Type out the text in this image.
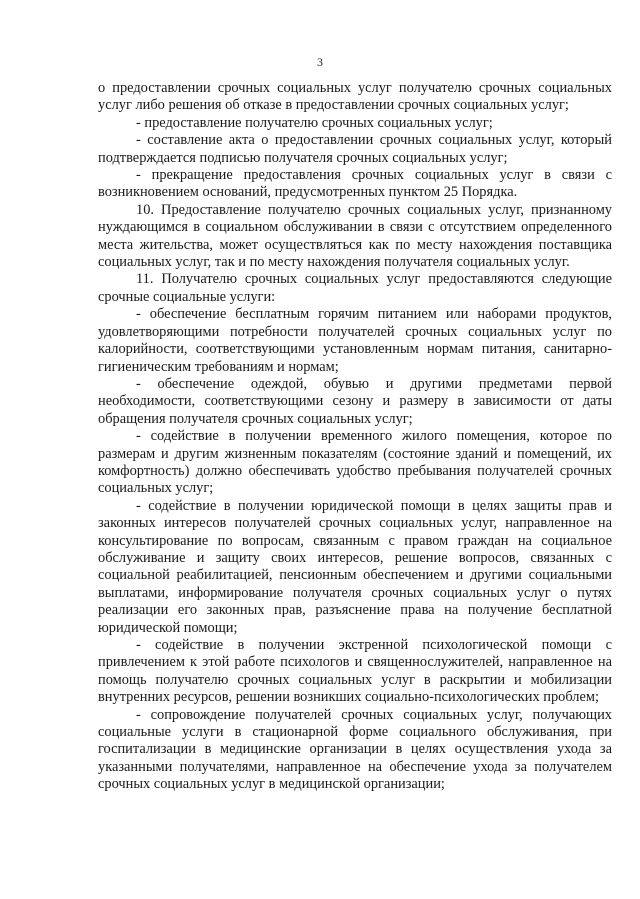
3

о предоставлении срочных социальных услуг получателю срочных социальных услуг либо решения об отказе в предоставлении срочных социальных услуг;

- предоставление получателю срочных социальных услуг;

- составление акта о предоставлении срочных социальных услуг, который подтверждается подписью получателя срочных социальных услуг;

- прекращение предоставления срочных социальных услуг в связи с возникновением оснований, предусмотренных пунктом 25 Порядка.

10. Предоставление получателю срочных социальных услуг, признанному нуждающимся в социальном обслуживании в связи с отсутствием определенного места жительства, может осуществляться как по месту нахождения поставщика социальных услуг, так и по месту нахождения получателя социальных услуг.

11. Получателю срочных социальных услуг предоставляются следующие срочные социальные услуги:

- обеспечение бесплатным горячим питанием или наборами продуктов, удовлетворяющими потребности получателей срочных социальных услуг по калорийности, соответствующими установленным нормам питания, санитарно-гигиеническим требованиям и нормам;

- обеспечение одеждой, обувью и другими предметами первой необходимости, соответствующими сезону и размеру в зависимости от даты обращения получателя срочных социальных услуг;

- содействие в получении временного жилого помещения, которое по размерам и другим жизненным показателям (состояние зданий и помещений, их комфортность) должно обеспечивать удобство пребывания получателей срочных социальных услуг;

- содействие в получении юридической помощи в целях защиты прав и законных интересов получателей срочных социальных услуг, направленное на консультирование по вопросам, связанным с правом граждан на социальное обслуживание и защиту своих интересов, решение вопросов, связанных с социальной реабилитацией, пенсионным обеспечением и другими социальными выплатами, информирование получателя срочных социальных услуг о путях реализации его законных прав, разъяснение права на получение бесплатной юридической помощи;

- содействие в получении экстренной психологической помощи с привлечением к этой работе психологов и священнослужителей, направленное на помощь получателю срочных социальных услуг в раскрытии и мобилизации внутренних ресурсов, решении возникших социально-психологических проблем;

- сопровождение получателей срочных социальных услуг, получающих социальные услуги в стационарной форме социального обслуживания, при госпитализации в медицинские организации в целях осуществления ухода за указанными получателями, направленное на обеспечение ухода за получателем срочных социальных услуг в медицинской организации;
